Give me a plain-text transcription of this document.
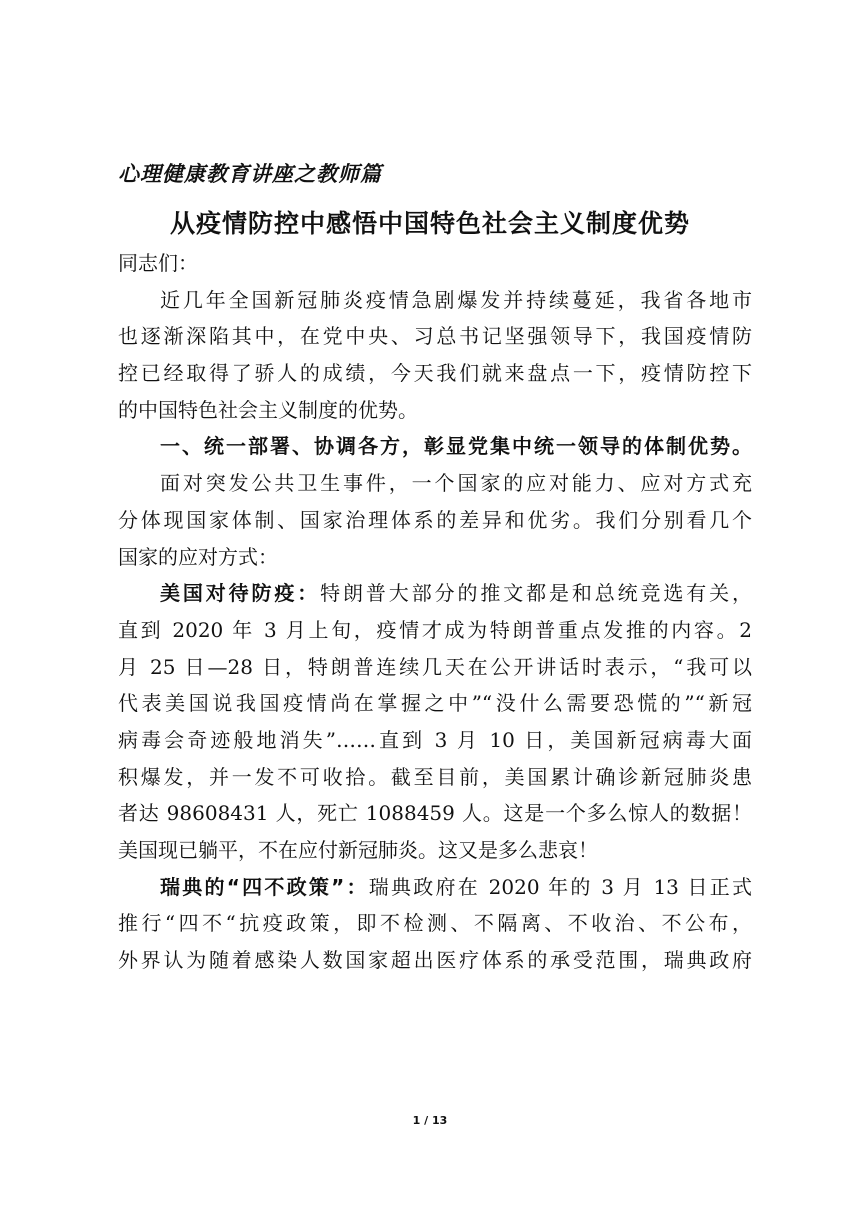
心理健康教育讲座之教师篇
从疫情防控中感悟中国特色社会主义制度优势
同志们：
近几年全国新冠肺炎疫情急剧爆发并持续蔓延，我省各地市
也逐渐深陷其中，在党中央、习总书记坚强领导下，我国疫情防
控已经取得了骄人的成绩，今天我们就来盘点一下，疫情防控下
的中国特色社会主义制度的优势。
一、统一部署、协调各方，彰显党集中统一领导的体制优势。
面对突发公共卫生事件，一个国家的应对能力、应对方式充
分体现国家体制、国家治理体系的差异和优劣。我们分别看几个
国家的应对方式：
美国对待防疫：特朗普大部分的推文都是和总统竞选有关，
直到 2020 年 3 月上旬，疫情才成为特朗普重点发推的内容。2
月 25 日—28 日，特朗普连续几天在公开讲话时表示，“我可以
代表美国说我国疫情尚在掌握之中”“没什么需要恐慌的”“新冠
病毒会奇迹般地消失”……直到 3 月 10 日，美国新冠病毒大面
积爆发，并一发不可收拾。截至目前，美国累计确诊新冠肺炎患
者达 98608431 人，死亡 1088459 人。这是一个多么惊人的数据！
美国现已躺平，不在应付新冠肺炎。这又是多么悲哀！
瑞典的“四不政策”：瑞典政府在 2020 年的 3 月 13 日正式
推行“四不“抗疫政策，即不检测、不隔离、不收治、不公布，
外界认为随着感染人数国家超出医疗体系的承受范围，瑞典政府
1 / 13
